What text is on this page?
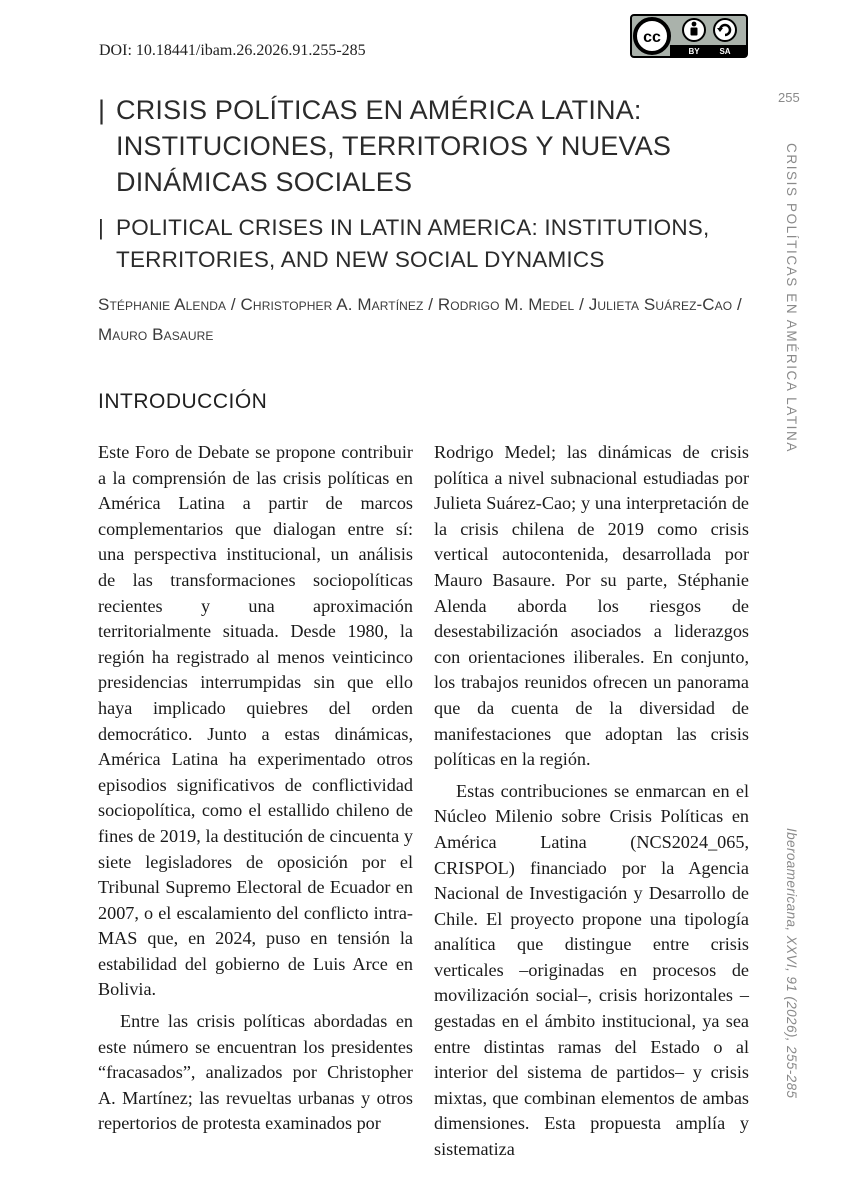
DOI: 10.18441/ibam.26.2026.91.255-285
cc
BY SA
255
CRISIS POLÍTICAS EN AMÉRICA LATINA
Iberoamericana, XXVI, 91 (2026), 255-285
| CRISIS POLÍTICAS EN AMÉRICA LATINA: INSTITUCIONES, TERRITORIOS Y NUEVAS DINÁMICAS SOCIALES
| POLITICAL CRISES IN LATIN AMERICA: INSTITUTIONS, TERRITORIES, AND NEW SOCIAL DYNAMICS
Stéphanie Alenda / Christopher A. Martínez / Rodrigo M. Medel / Julieta Suárez-Cao / Mauro Basaure
INTRODUCCIÓN

Este Foro de Debate se propone contribuir a la comprensión de las crisis políticas en América Latina a partir de marcos complementarios que dialogan entre sí: una perspectiva institucional, un análisis de las transformaciones sociopolíticas recientes y una aproximación territorialmente situada. Desde 1980, la región ha registrado al menos veinticinco presidencias interrumpidas sin que ello haya implicado quiebres del orden democrático. Junto a estas dinámicas, América Latina ha experimentado otros episodios significativos de conflictividad sociopolítica, como el estallido chileno de fines de 2019, la destitución de cincuenta y siete legisladores de oposición por el Tribunal Supremo Electoral de Ecuador en 2007, o el escalamiento del conflicto intra-MAS que, en 2024, puso en tensión la estabilidad del gobierno de Luis Arce en Bolivia.

Entre las crisis políticas abordadas en este número se encuentran los presidentes “fracasados”, analizados por Christopher A. Martínez; las revueltas urbanas y otros repertorios de protesta examinados por

Rodrigo Medel; las dinámicas de crisis política a nivel subnacional estudiadas por Julieta Suárez-Cao; y una interpretación de la crisis chilena de 2019 como crisis vertical autocontenida, desarrollada por Mauro Basaure. Por su parte, Stéphanie Alenda aborda los riesgos de desestabilización asociados a liderazgos con orientaciones iliberales. En conjunto, los trabajos reunidos ofrecen un panorama que da cuenta de la diversidad de manifestaciones que adoptan las crisis políticas en la región.

Estas contribuciones se enmarcan en el Núcleo Milenio sobre Crisis Políticas en América Latina (NCS2024_065, CRISPOL) financiado por la Agencia Nacional de Investigación y Desarrollo de Chile. El proyecto propone una tipología analítica que distingue entre crisis verticales –originadas en procesos de movilización social–, crisis horizontales –gestadas en el ámbito institucional, ya sea entre distintas ramas del Estado o al interior del sistema de partidos– y crisis mixtas, que combinan elementos de ambas dimensiones. Esta propuesta amplía y sistematiza
